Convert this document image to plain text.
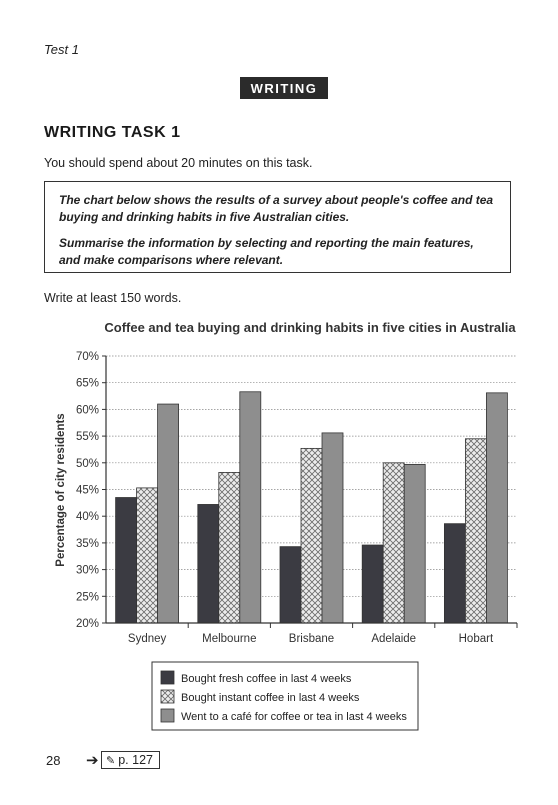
Test 1
WRITING
WRITING TASK 1
You should spend about 20 minutes on this task.

The chart below shows the results of a survey about people's coffee and tea buying and drinking habits in five Australian cities.

Summarise the information by selecting and reporting the main features, and make comparisons where relevant.

Write at least 150 words.
Coffee and tea buying and drinking habits in five cities in Australia
Percentage of city residents
20%
25%
30%
35%
40%
45%
50%
55%
60%
65%
70%
Sydney	Melbourne	Brisbane	Adelaide	Hobart
Bought fresh coffee in last 4 weeks
Bought instant coffee in last 4 weeks
Went to a café for coffee or tea in last 4 weeks
28 ➔ ✎ p. 127
